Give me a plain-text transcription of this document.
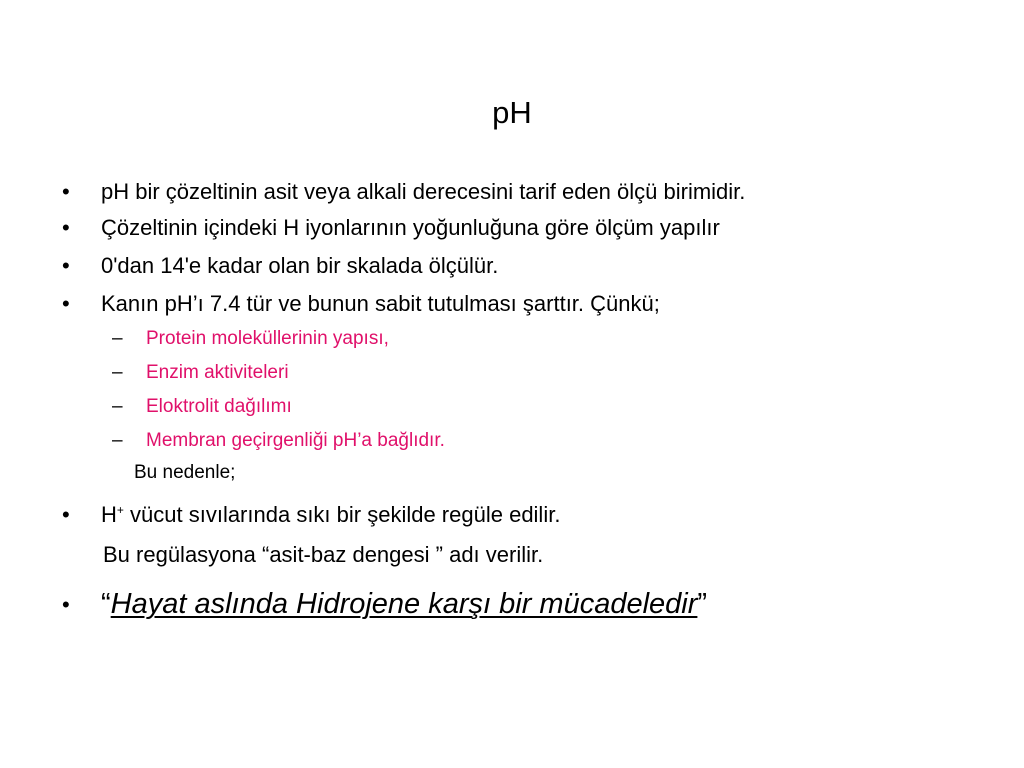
pH
• pH bir çözeltinin asit veya alkali derecesini tarif eden ölçü birimidir.
• Çözeltinin içindeki H iyonlarının yoğunluğuna göre ölçüm yapılır
• 0'dan 14'e kadar olan bir skalada ölçülür.
• Kanın pH’ı 7.4 tür ve bunun sabit tutulması şarttır. Çünkü;
– Protein moleküllerinin yapısı,
– Enzim aktiviteleri
– Eloktrolit dağılımı
– Membran geçirgenliği pH’a bağlıdır.
Bu nedenle;
• H+ vücut sıvılarında sıkı bir şekilde regüle edilir.
Bu regülasyona “asit-baz dengesi ” adı verilir.
• “Hayat aslında Hidrojene karşı bir mücadeledir”
